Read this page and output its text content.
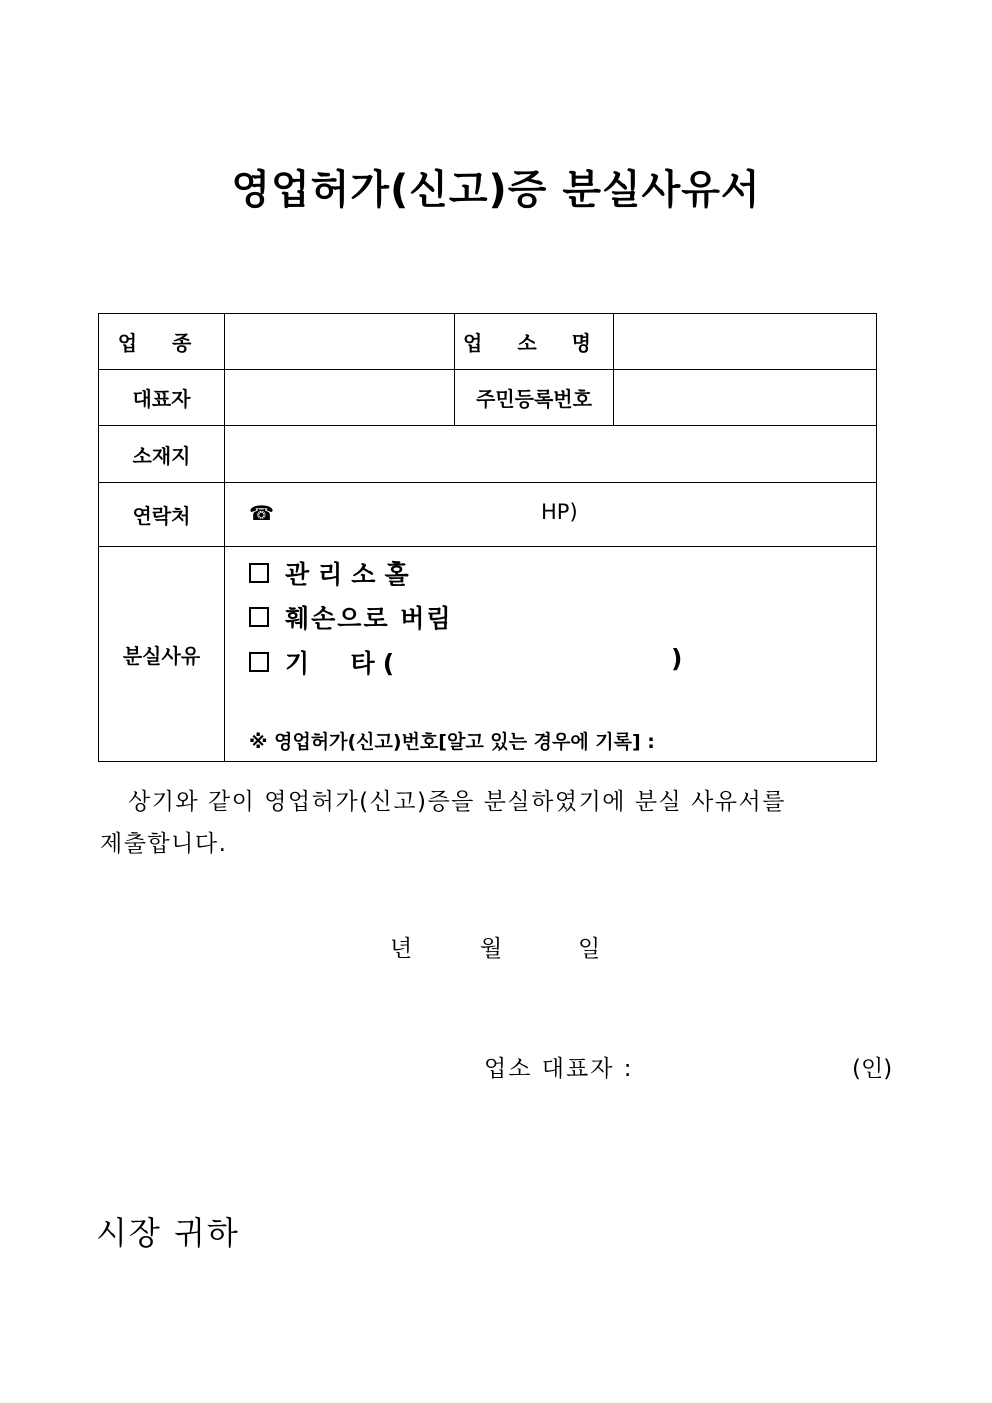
영업허가(신고)증 분실사유서
업 종		업 소 명	
대표자		주민등록번호	
소재지			
연락처	☎ HP)		

분실사유	관리소홀
훼손으로 버림
기  타( )
※ 영업허가(신고)번호[알고 있는 경우에 기록] :		
상기와 같이 영업허가(신고)증을 분실하였기에 분실 사유서를
제출합니다.
년	월	일
업소 대표자 :	(인)
시장 귀하
